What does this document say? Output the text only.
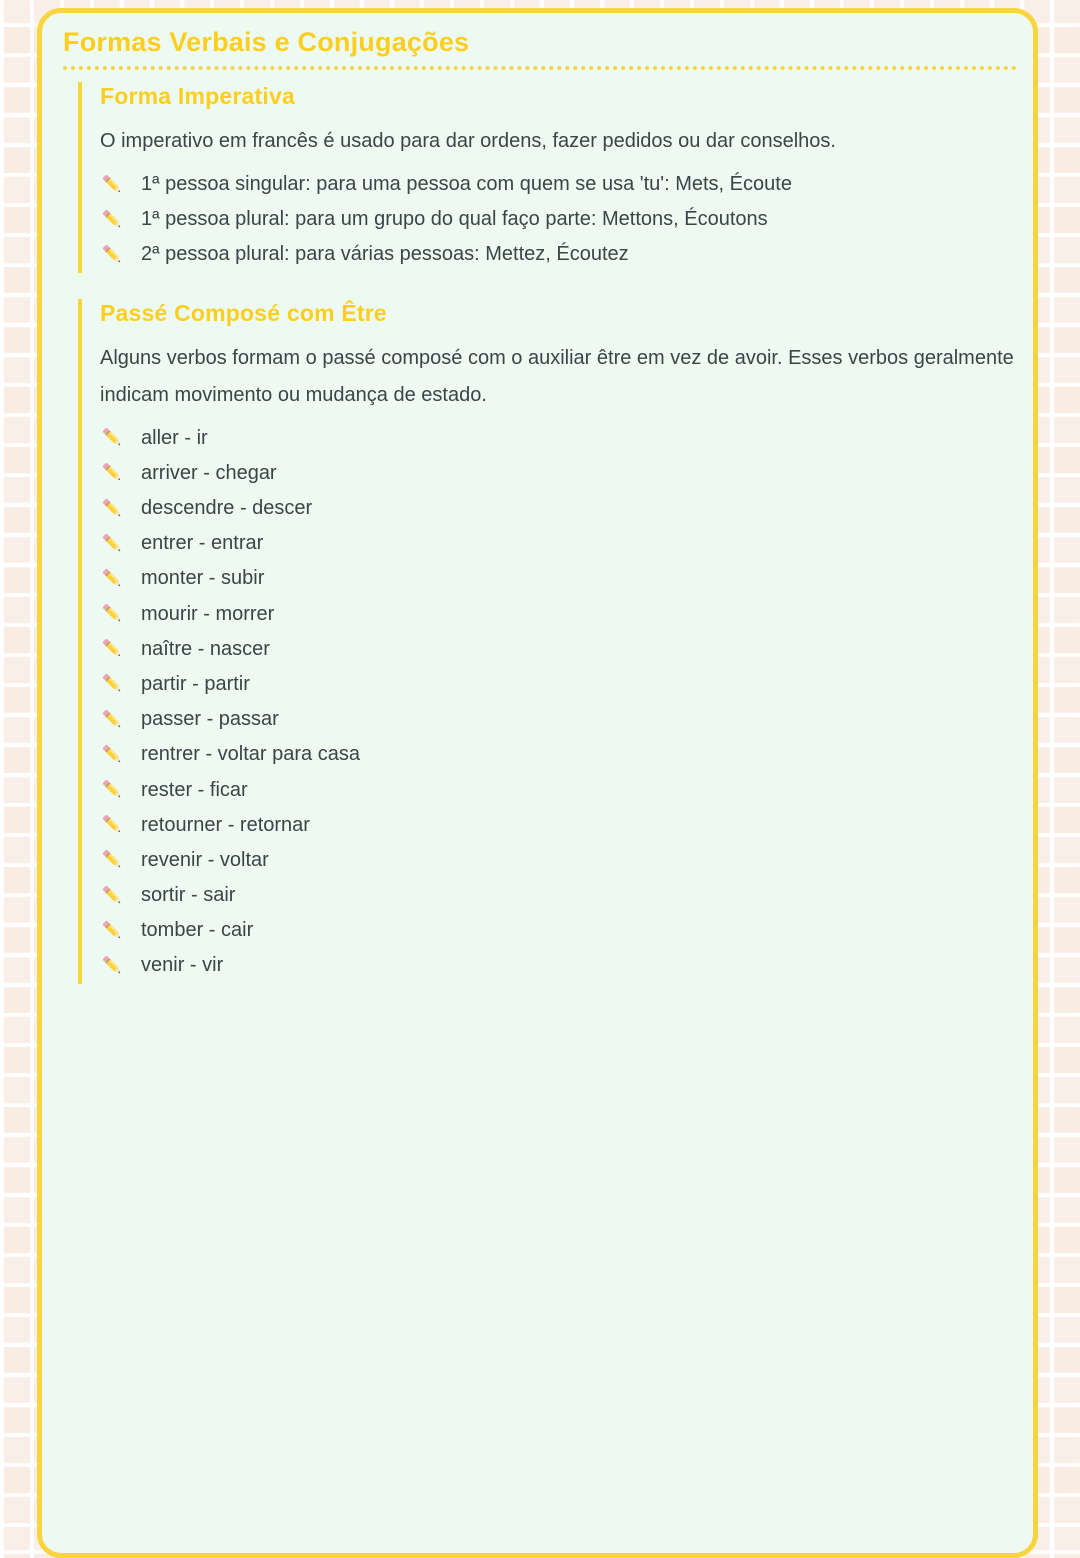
Formas Verbais e Conjugações
Forma Imperativa

O imperativo em francês é usado para dar ordens, fazer pedidos ou dar conselhos.

1ª pessoa singular: para uma pessoa com quem se usa 'tu': Mets, Écoute
1ª pessoa plural: para um grupo do qual faço parte: Mettons, Écoutons
2ª pessoa plural: para várias pessoas: Mettez, Écoutez
Passé Composé com Être

Alguns verbos formam o passé composé com o auxiliar être em vez de avoir. Esses verbos geralmente indicam movimento ou mudança de estado.

aller - ir
arriver - chegar
descendre - descer
entrer - entrar
monter - subir
mourir - morrer
naître - nascer
partir - partir
passer - passar
rentrer - voltar para casa
rester - ficar
retourner - retornar
revenir - voltar
sortir - sair
tomber - cair
venir - vir
